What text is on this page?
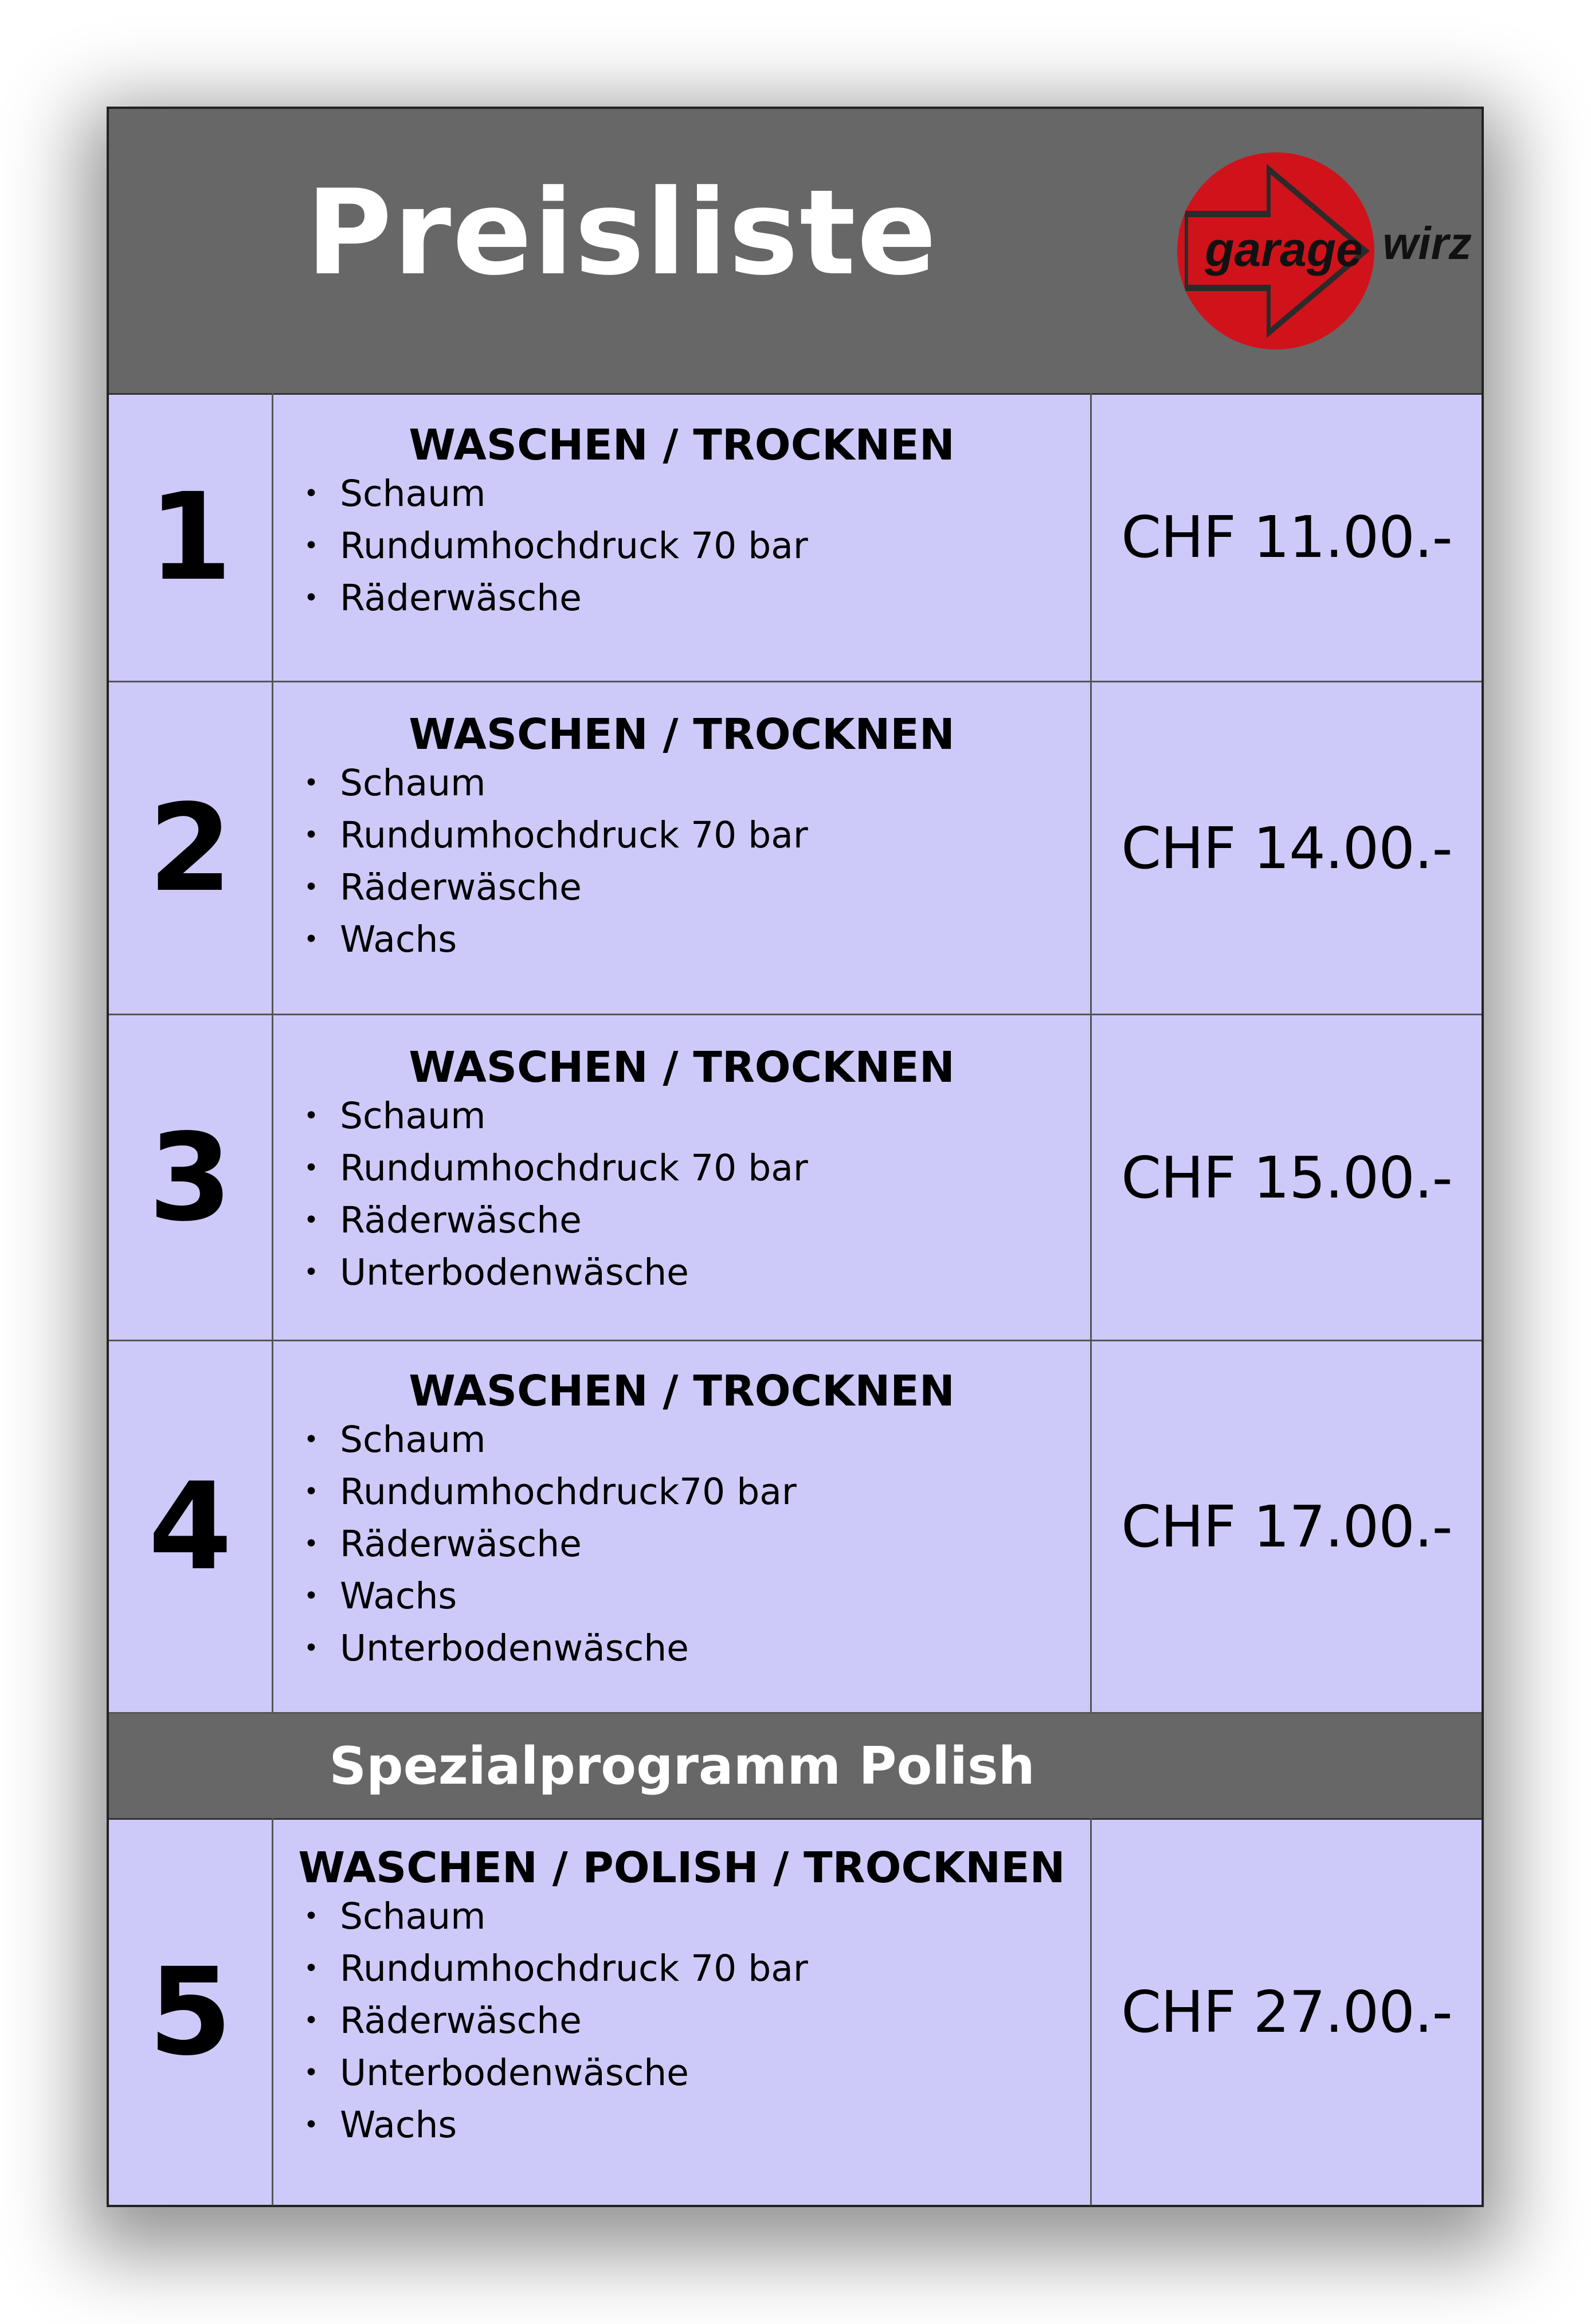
Preisliste	garage wirz
1
WASCHEN / TROCKNEN
• Schaum
• Rundumhochdruck 70 bar
• Räderwäsche
CHF 11.00.-
2
WASCHEN / TROCKNEN
• Schaum
• Rundumhochdruck 70 bar
• Räderwäsche
• Wachs
CHF 14.00.-
3
WASCHEN / TROCKNEN
• Schaum
• Rundumhochdruck 70 bar
• Räderwäsche
• Unterbodenwäsche
CHF 15.00.-
4
WASCHEN / TROCKNEN
• Schaum
• Rundumhochdruck70 bar
• Räderwäsche
• Wachs
• Unterbodenwäsche
CHF 17.00.-
Spezialprogramm Polish
5
WASCHEN / POLISH / TROCKNEN
• Schaum
• Rundumhochdruck 70 bar
• Räderwäsche
• Unterbodenwäsche
• Wachs
CHF 27.00.-
